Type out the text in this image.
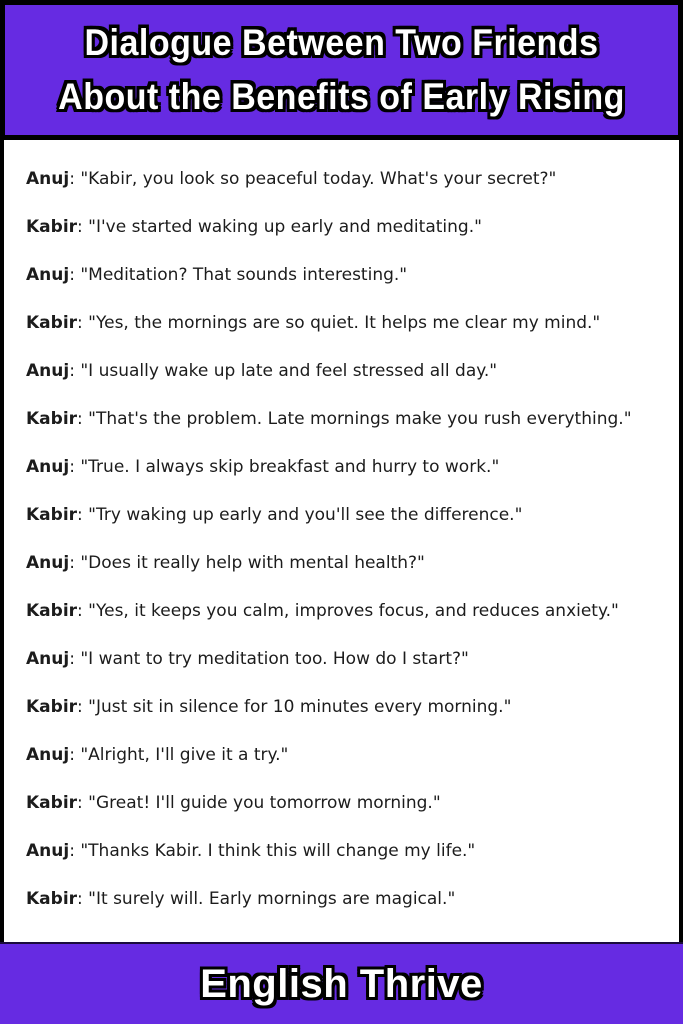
Dialogue Between Two Friends
About the Benefits of Early Rising

Anuj: "Kabir, you look so peaceful today. What's your secret?"

Kabir: "I've started waking up early and meditating."

Anuj: "Meditation? That sounds interesting."

Kabir: "Yes, the mornings are so quiet. It helps me clear my mind."

Anuj: "I usually wake up late and feel stressed all day."

Kabir: "That's the problem. Late mornings make you rush everything."

Anuj: "True. I always skip breakfast and hurry to work."

Kabir: "Try waking up early and you'll see the difference."

Anuj: "Does it really help with mental health?"

Kabir: "Yes, it keeps you calm, improves focus, and reduces anxiety."

Anuj: "I want to try meditation too. How do I start?"

Kabir: "Just sit in silence for 10 minutes every morning."

Anuj: "Alright, I'll give it a try."

Kabir: "Great! I'll guide you tomorrow morning."

Anuj: "Thanks Kabir. I think this will change my life."

Kabir: "It surely will. Early mornings are magical."

English Thrive
